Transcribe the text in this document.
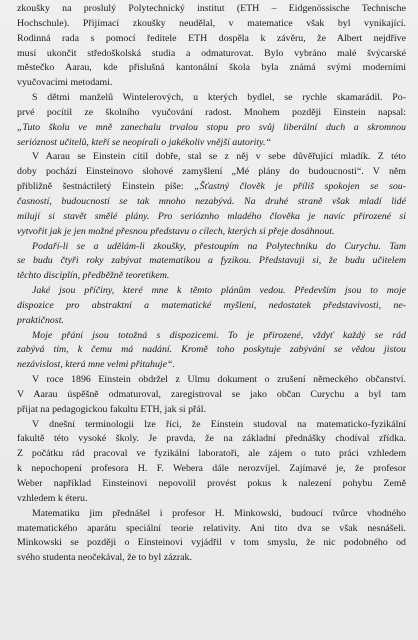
zkoušky na proslulý Polytechnický institut (ETH – Eidgenössische Technische
Hochschule). Přijímací zkoušky neudělal, v matematice však byl vynikající.
Rodinná rada s pomocí ředitele ETH dospěla k závěru, že Albert nejdříve
musí ukončit středoškolská studia a odmaturovat. Bylo vybráno malé švýcarské
městečko Aarau, kde příslušná kantonální škola byla známá svými moderními
vyučovacími metodami.

S dětmi manželů Wintelerových, u kterých bydlel, se rychle skamarádil. Po-
prvé pocítil ze školního vyučování radost. Mnohem později Einstein napsal:

„Tuto školu ve mně zanechalu trvalou stopu pro svůj liberální duch a skromnou
serióznost učitelů, kteří se neopírali o jakékoliv vnější autority.“

V Aarau se Einstein cítil dobře, stal se z něj v sebe důvěřující mladík. Z této
doby pochází Einsteinovo slohové zamyšlení „Mé plány do budoucnosti“. V něm
přibližně šestnáctiletý Einstein píše: „Šťastný člověk je příliš spokojen se sou-

časností, budoucností se tak mnoho nezabývá. Na druhé straně však mladí lidé
milují si stavět smělé plány. Pro serióznho mladého člověka je navíc přirozené si
vytvořit jak je jen možné přesnou představu o cílech, kterých si přeje dosáhnout.

Podaří-li se a udělám-li zkoušky, přestoupím na Polytechniku do Curychu. Tam
se budu čtyři roky zabývat matematikou a fyzikou. Představuji si, že budu učitelem
těchto disciplín, předběžně teoretikem.

Jaké jsou příčiny, které mne k těmto plánům vedou. Především jsou to moje
dispozice pro abstraktní a matematické myšlení, nedostatek představivosti, ne-
praktičnost.

Moje přání jsou totožná s dispozicemi. To je přirozené, vždyť každý se rád
zabývá tím, k čemu má nadání. Kromě toho poskytuje zabývání se vědou jistou
nezávislost, která mne velmi přitahuje“.

V roce 1896 Einstein obdržel z Ulmu dokument o zrušení německého občanství.
V Aarau úspěšně odmaturoval, zaregistroval se jako občan Curychu a byl tam
přijat na pedagogickou fakultu ETH, jak si přál.

V dnešní terminologii lze říci, že Einstein studoval na matematicko-fyzikální
fakultě této vysoké školy. Je pravda, že na základní přednášky chodíval zřídka.
Z počátku rád pracoval ve fyzikální laboratoři, ale zájem o tuto práci vzhledem
k nepochopení profesora H. F. Webera dále nerozvíjel. Zajímavé je, že profesor
Weber například Einsteinovi nepovolil provést pokus k nalezení pohybu Země
vzhledem k éteru.

Matematiku jim přednášel i profesor H. Minkowski, budoucí tvůrce vhodného
matematického aparátu speciální teorie relativity. Ani tito dva se však nesnášeli.
Minkowski se později o Einsteinovi vyjádřil v tom smyslu, že nic podobného od
svého studenta neočekával, že to byl zázrak.
